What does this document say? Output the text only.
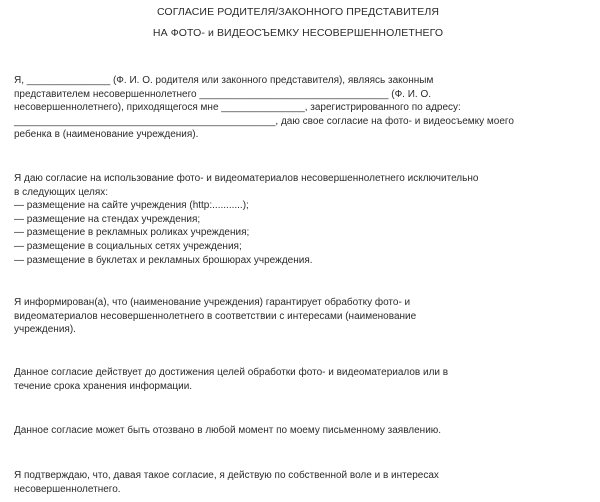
СОГЛАСИЕ РОДИТЕЛЯ/ЗАКОННОГО ПРЕДСТАВИТЕЛЯ
НА ФОТО- и ВИДЕОСЪЕМКУ НЕСОВЕРШЕННОЛЕТНЕГО
Я, _______________ (Ф. И. О. родителя или законного представителя), являясь законным
представителем несовершеннолетнего __________________________________ (Ф. И. О.
несовершеннолетнего), приходящегося мне _______________, зарегистрированного по адресу:
_______________________________________________, даю свое согласие на фото- и видеосъемку моего
ребенка в (наименование учреждения).
Я даю согласие на использование фото- и видеоматериалов несовершеннолетнего исключительно
в следующих целях:
— размещение на сайте учреждения (http:...........);
— размещение на стендах учреждения;
— размещение в рекламных роликах учреждения;
— размещение в социальных сетях учреждения;
— размещение в буклетах и рекламных брошюрах учреждения.
Я информирован(а), что (наименование учреждения) гарантирует обработку фото- и
видеоматериалов несовершеннолетнего в соответствии с интересами (наименование
учреждения).
Данное согласие действует до достижения целей обработки фото- и видеоматериалов или в
течение срока хранения информации.
Данное согласие может быть отозвано в любой момент по моему письменному заявлению.
Я подтверждаю, что, давая такое согласие, я действую по собственной воле и в интересах
несовершеннолетнего.
